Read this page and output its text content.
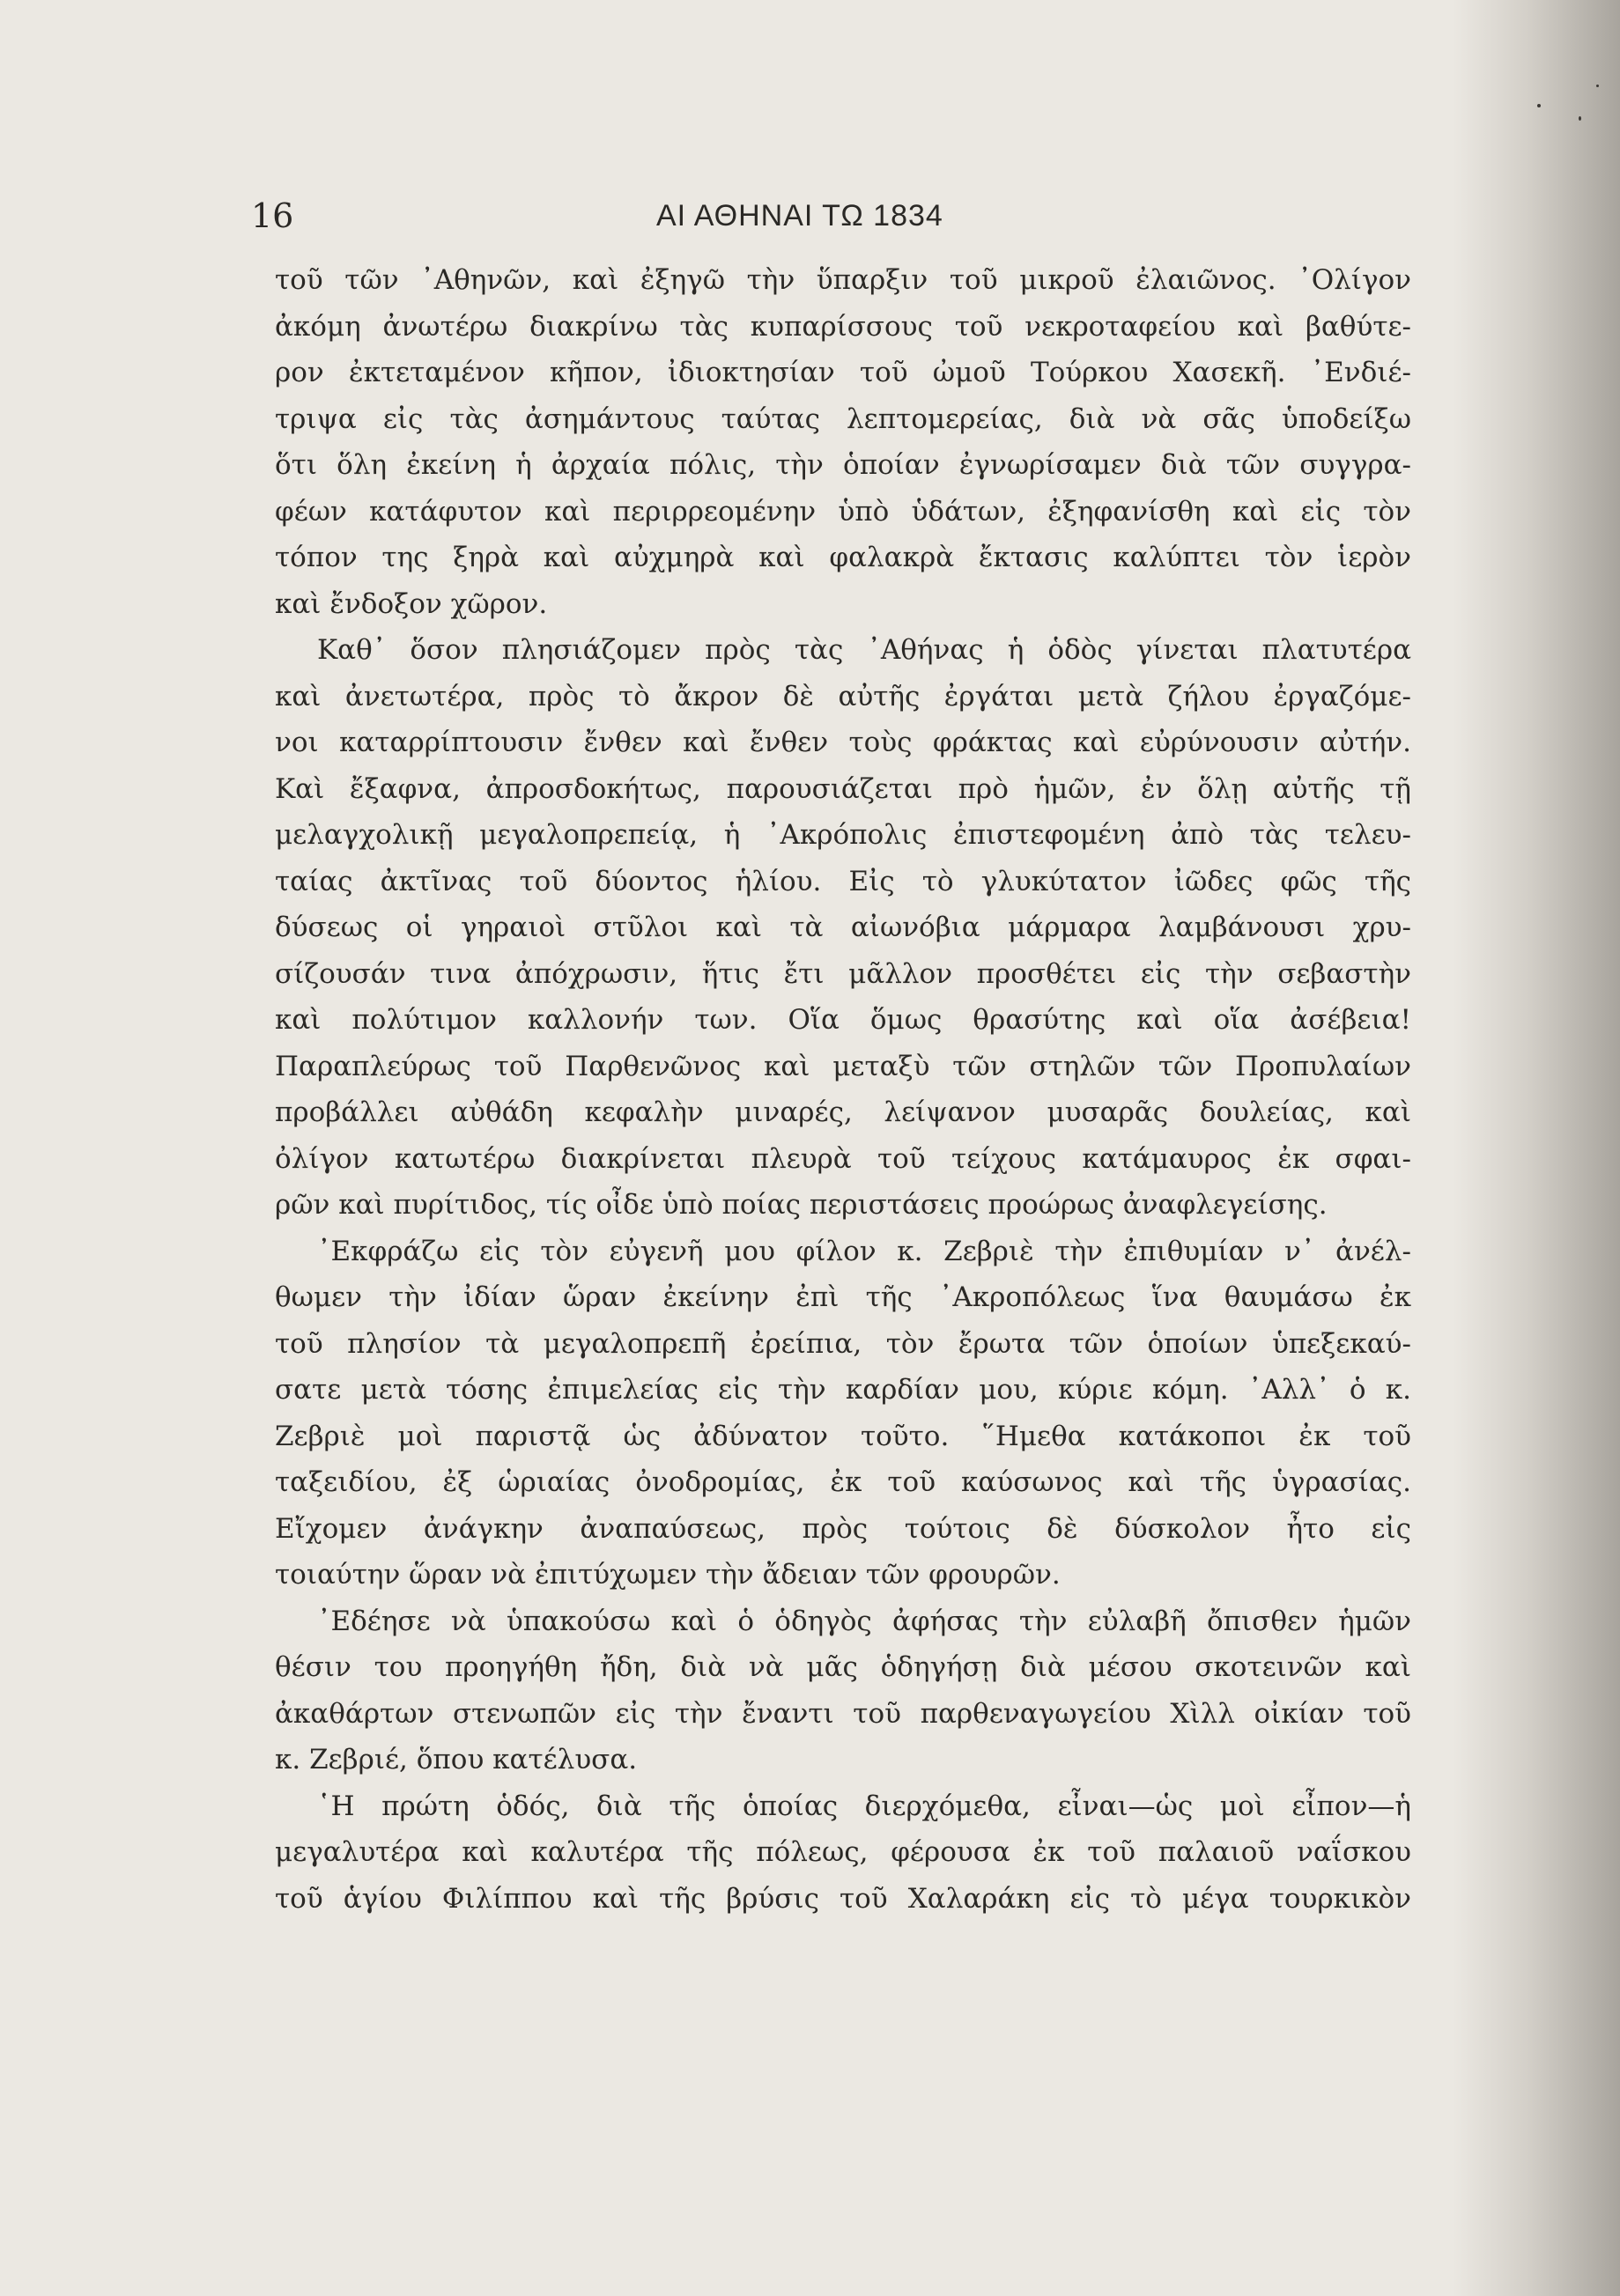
16	ΑΙ ΑΘΗΝΑΙ ΤΩ 1834
τοῦ τῶν ᾿Αθηνῶν, καὶ ἐξηγῶ τὴν ὕπαρξιν τοῦ μικροῦ ἐλαιῶνος. ᾿Ολίγον
ἀκόμη ἀνωτέρω διακρίνω τὰς κυπαρίσσους τοῦ νεκροταφείου καὶ βαθύτε-
ρον ἐκτεταμένον κῆπον, ἰδιοκτησίαν τοῦ ὠμοῦ Τούρκου Χασεκῆ. ᾿Ενδιέ-
τριψα εἰς τὰς ἀσημάντους ταύτας λεπτομερείας, διὰ νὰ σᾶς ὑποδείξω
ὅτι ὅλη ἐκείνη ἡ ἀρχαία πόλις, τὴν ὁποίαν ἐγνωρίσαμεν διὰ τῶν συγγρα-
φέων κατάφυτον καὶ περιρρεομένην ὑπὸ ὑδάτων, ἐξηφανίσθη καὶ εἰς τὸν
τόπον της ξηρὰ καὶ αὐχμηρὰ καὶ φαλακρὰ ἔκτασις καλύπτει τὸν ἱερὸν
καὶ ἔνδοξον χῶρον.
Καθ᾿ ὅσον πλησιάζομεν πρὸς τὰς ᾿Αθήνας ἡ ὁδὸς γίνεται πλατυτέρα
καὶ ἀνετωτέρα, πρὸς τὸ ἄκρον δὲ αὐτῆς ἐργάται μετὰ ζήλου ἐργαζόμε-
νοι καταρρίπτουσιν ἔνθεν καὶ ἔνθεν τοὺς φράκτας καὶ εὐρύνουσιν αὐτήν.
Καὶ ἔξαφνα, ἀπροσδοκήτως, παρουσιάζεται πρὸ ἡμῶν, ἐν ὅλῃ αὐτῆς τῇ
μελαγχολικῇ μεγαλοπρεπείᾳ, ἡ ᾿Ακρόπολις ἐπιστεφομένη ἀπὸ τὰς τελευ-
ταίας ἀκτῖνας τοῦ δύοντος ἡλίου. Εἰς τὸ γλυκύτατον ἰῶδες φῶς τῆς
δύσεως οἱ γηραιοὶ στῦλοι καὶ τὰ αἰωνόβια μάρμαρα λαμβάνουσι χρυ-
σίζουσάν τινα ἀπόχρωσιν, ἥτις ἔτι μᾶλλον προσθέτει εἰς τὴν σεβαστὴν
καὶ πολύτιμον καλλονήν των. Οἵα ὅμως θρασύτης καὶ οἵα ἀσέβεια!
Παραπλεύρως τοῦ Παρθενῶνος καὶ μεταξὺ τῶν στηλῶν τῶν Προπυλαίων
προβάλλει αὐθάδη κεφαλὴν μιναρές, λείψανον μυσαρᾶς δουλείας, καὶ
ὀλίγον κατωτέρω διακρίνεται πλευρὰ τοῦ τείχους κατάμαυρος ἐκ σφαι-
ρῶν καὶ πυρίτιδος, τίς οἶδε ὑπὸ ποίας περιστάσεις προώρως ἀναφλεγείσης.
᾿Εκφράζω εἰς τὸν εὐγενῆ μου φίλον κ. Ζεβριὲ τὴν ἐπιθυμίαν ν᾿ ἀνέλ-
θωμεν τὴν ἰδίαν ὥραν ἐκείνην ἐπὶ τῆς ᾿Ακροπόλεως ἵνα θαυμάσω ἐκ
τοῦ πλησίον τὰ μεγαλοπρεπῆ ἐρείπια, τὸν ἔρωτα τῶν ὁποίων ὑπεξεκαύ-
σατε μετὰ τόσης ἐπιμελείας εἰς τὴν καρδίαν μου, κύριε κόμη. ᾿Αλλ᾿ ὁ κ.
Ζεβριὲ μοὶ παριστᾷ ὡς ἀδύνατον τοῦτο. ῞Ημεθα κατάκοποι ἐκ τοῦ
ταξειδίου, ἐξ ὡριαίας ὀνοδρομίας, ἐκ τοῦ καύσωνος καὶ τῆς ὑγρασίας.
Εἴχομεν ἀνάγκην ἀναπαύσεως, πρὸς τούτοις δὲ δύσκολον ἦτο εἰς
τοιαύτην ὥραν νὰ ἐπιτύχωμεν τὴν ἄδειαν τῶν φρουρῶν.
᾿Εδέησε νὰ ὑπακούσω καὶ ὁ ὁδηγὸς ἀφήσας τὴν εὐλαβῆ ὄπισθεν ἡμῶν
θέσιν του προηγήθη ἤδη, διὰ νὰ μᾶς ὁδηγήσῃ διὰ μέσου σκοτεινῶν καὶ
ἀκαθάρτων στενωπῶν εἰς τὴν ἔναντι τοῦ παρθεναγωγείου Χὶλλ οἰκίαν τοῦ
κ. Ζεβριέ, ὅπου κατέλυσα.
῾Η πρώτη ὁδός, διὰ τῆς ὁποίας διερχόμεθα, εἶναι—ὡς μοὶ εἶπον—ἡ
μεγαλυτέρα καὶ καλυτέρα τῆς πόλεως, φέρουσα ἐκ τοῦ παλαιοῦ ναΐσκου
τοῦ ἁγίου Φιλίππου καὶ τῆς βρύσις τοῦ Χαλαράκη εἰς τὸ μέγα τουρκικὸν
